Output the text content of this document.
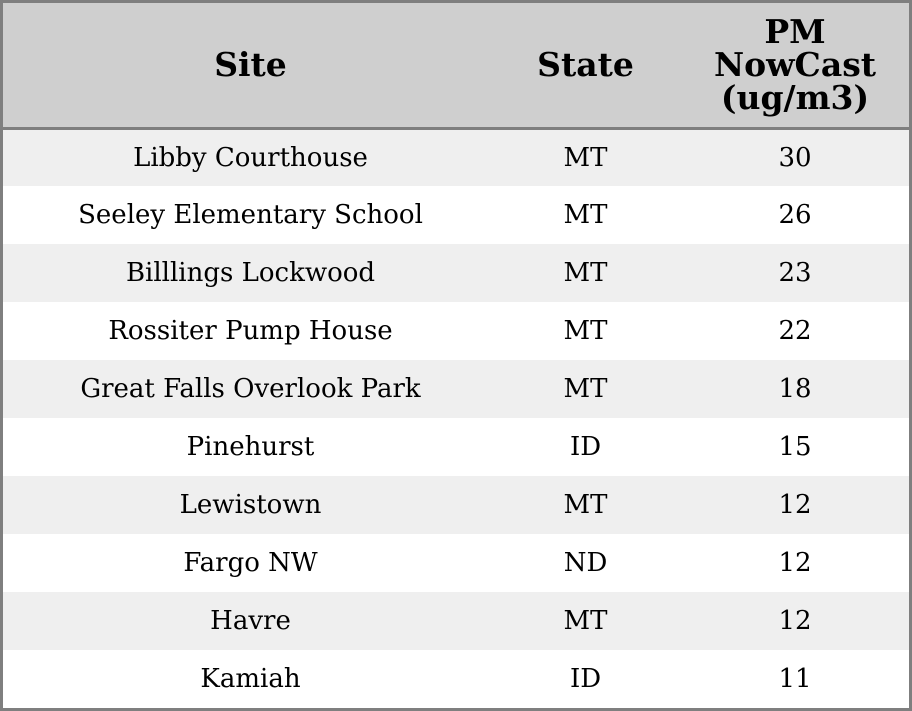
Site	State	PM
NowCast
(ug/m3)

Libby Courthouse	MT	30
Seeley Elementary School	MT	26
Billlings Lockwood	MT	23
Rossiter Pump House	MT	22
Great Falls Overlook Park	MT	18
Pinehurst	ID	15
Lewistown	MT	12
Fargo NW	ND	12
Havre	MT	12
Kamiah	ID	11
